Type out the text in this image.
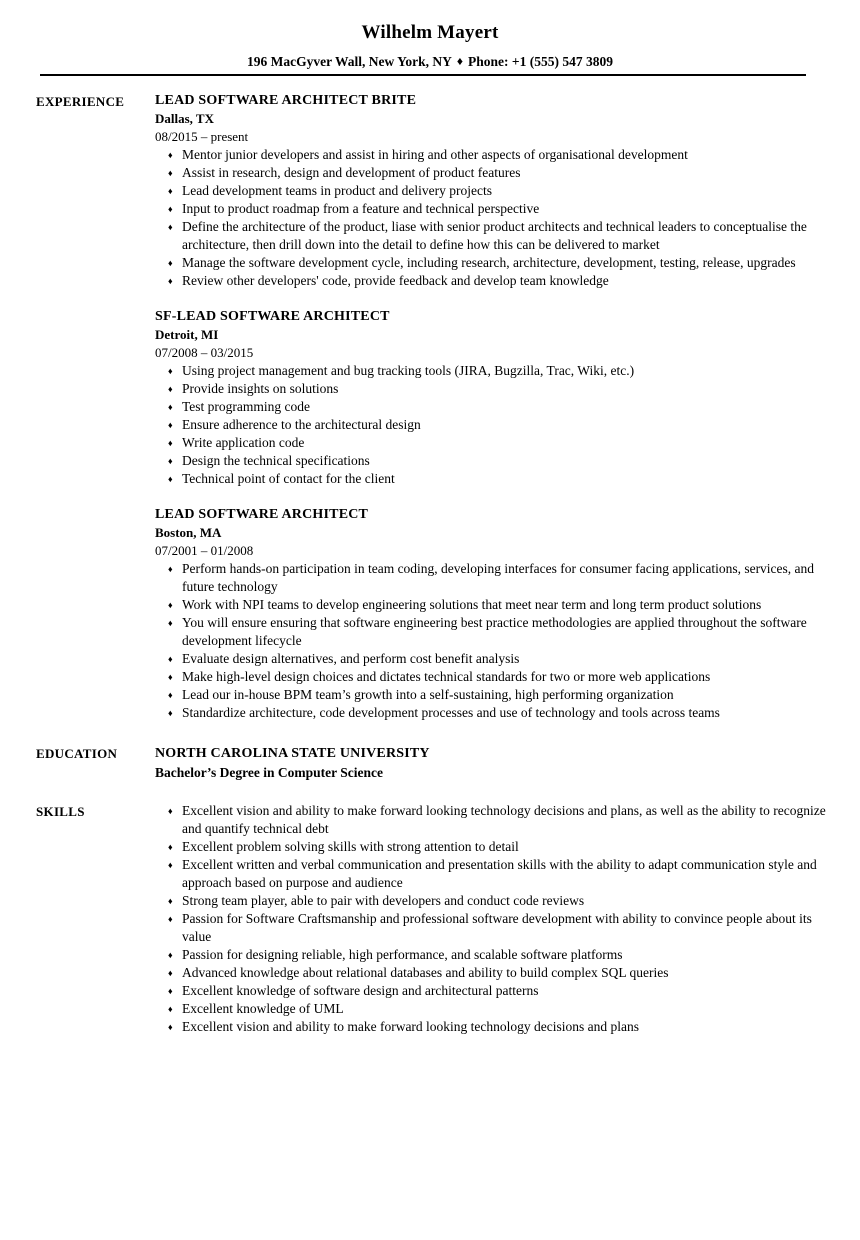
Wilhelm Mayert
196 MacGyver Wall, New York, NY ♦ Phone: +1 (555) 547 3809
EXPERIENCE	LEAD SOFTWARE ARCHITECT BRITE
Dallas, TX
08/2015 – present
♦ Mentor junior developers and assist in hiring and other aspects of organisational development
♦ Assist in research, design and development of product features
♦ Lead development teams in product and delivery projects
♦ Input to product roadmap from a feature and technical perspective
♦ Define the architecture of the product, liase with senior product architects and technical leaders to conceptualise the architecture, then drill down into the detail to define how this can be delivered to market
♦ Manage the software development cycle, including research, architecture, development, testing, release, upgrades
♦ Review other developers' code, provide feedback and develop team knowledge
SF-LEAD SOFTWARE ARCHITECT
Detroit, MI
07/2008 – 03/2015
♦ Using project management and bug tracking tools (JIRA, Bugzilla, Trac, Wiki, etc.)
♦ Provide insights on solutions
♦ Test programming code
♦ Ensure adherence to the architectural design
♦ Write application code
♦ Design the technical specifications
♦ Technical point of contact for the client
LEAD SOFTWARE ARCHITECT
Boston, MA
07/2001 – 01/2008
♦ Perform hands-on participation in team coding, developing interfaces for consumer facing applications, services, and future technology
♦ Work with NPI teams to develop engineering solutions that meet near term and long term product solutions
♦ You will ensure ensuring that software engineering best practice methodologies are applied throughout the software development lifecycle
♦ Evaluate design alternatives, and perform cost benefit analysis
♦ Make high-level design choices and dictates technical standards for two or more web applications
♦ Lead our in-house BPM team’s growth into a self-sustaining, high performing organization
♦ Standardize architecture, code development processes and use of technology and tools across teams
EDUCATION	NORTH CAROLINA STATE UNIVERSITY
Bachelor’s Degree in Computer Science
SKILLS	♦ Excellent vision and ability to make forward looking technology decisions and plans, as well as the ability to recognize and quantify technical debt
♦ Excellent problem solving skills with strong attention to detail
♦ Excellent written and verbal communication and presentation skills with the ability to adapt communication style and approach based on purpose and audience
♦ Strong team player, able to pair with developers and conduct code reviews
♦ Passion for Software Craftsmanship and professional software development with ability to convince people about its value
♦ Passion for designing reliable, high performance, and scalable software platforms
♦ Advanced knowledge about relational databases and ability to build complex SQL queries
♦ Excellent knowledge of software design and architectural patterns
♦ Excellent knowledge of UML
♦ Excellent vision and ability to make forward looking technology decisions and plans
